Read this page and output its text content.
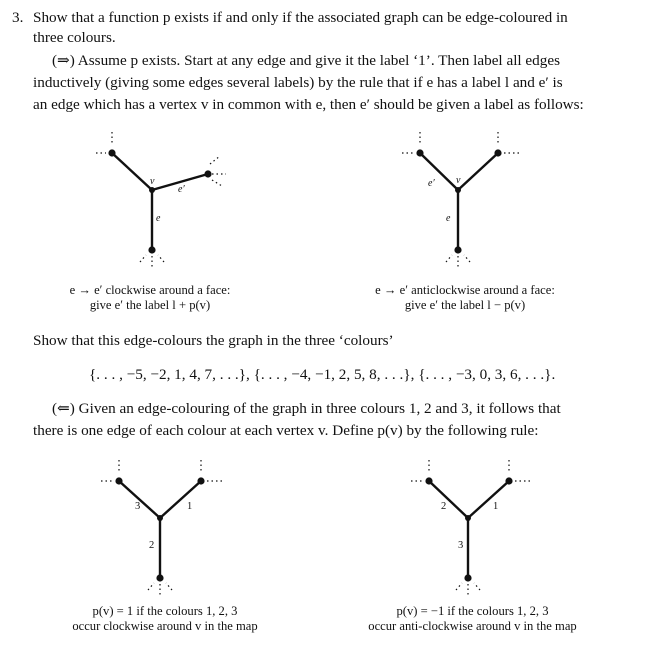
3. Show that a function p exists if and only if the associated graph can be edge-coloured in
three colours.
(⇒) Assume p exists. Start at any edge and give it the label ‘1’. Then label all edges
inductively (giving some edges several labels) by the rule that if e has a label l and e′ is
an edge which has a vertex v in common with e, then e′ should be given a label as follows:
v
e′
e
e → e′ clockwise around a face:
give e′ the label l + p(v)
v
e′
e
e → e′ anticlockwise around a face:
give e′ the label l − p(v)
Show that this edge-colours the graph in the three ‘colours’
{. . . , −5, −2, 1, 4, 7, . . .}, {. . . , −4, −1, 2, 5, 8, . . .}, {. . . , −3, 0, 3, 6, . . .}.
(⇐) Given an edge-colouring of the graph in three colours 1, 2 and 3, it follows that
there is one edge of each colour at each vertex v. Define p(v) by the following rule:
3	1
2
p(v) = 1 if the colours 1, 2, 3
occur clockwise around v in the map
2	1
3
p(v) = −1 if the colours 1, 2, 3
occur anti-clockwise around v in the map
